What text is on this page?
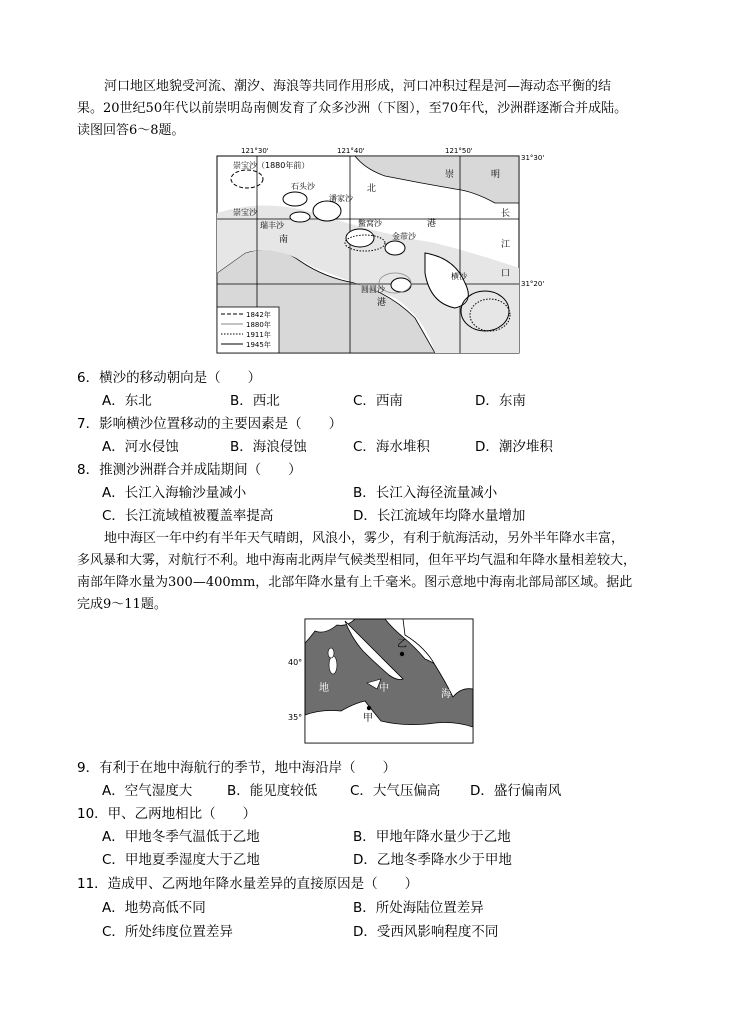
河口地区地貌受河流、潮汐、海浪等共同作用形成，河口冲积过程是河—海动态平衡的结
果。20世纪50年代以前崇明岛南侧发育了众多沙洲（下图），至70年代，沙洲群逐渐合并成陆。
读图回答6～8题。
1842年
1880年
1911年
1945年
121°30'	121°40'	121°50'
31°30'
31°20'
崇宝沙（1880年前）
石头沙
潘家沙
北
崇	明
崇宝沙
瑞丰沙
南
鳖窝沙	港
金带沙
长
江
口
横沙
圆圆沙
港
6．横沙的移动朝向是（　　）
A．东北	B．西北	C．西南	D．东南
7．影响横沙位置移动的主要因素是（　　）
A．河水侵蚀	B．海浪侵蚀	C．海水堆积	D．潮汐堆积
8．推测沙洲群合并成陆期间（　　）
A．长江入海输沙量减小	B．长江入海径流量减小
C．长江流域植被覆盖率提高	D．长江流域年均降水量增加
地中海区一年中约有半年天气晴朗，风浪小，雾少，有利于航海活动，另外半年降水丰富，
多风暴和大雾，对航行不利。地中海南北两岸气候类型相同，但年平均气温和年降水量相差较大，
南部年降水量为300—400mm，北部年降水量有上千毫米。图示意地中海南北部局部区域。据此
完成9～11题。
40°
35°
乙
甲
地	中
海
9．有利于在地中海航行的季节，地中海沿岸（　　）
A．空气湿度大	B．能见度较低 C．大气压偏高 D．盛行偏南风
10．甲、乙两地相比（　　）
A．甲地冬季气温低于乙地	B．甲地年降水量少于乙地
C．甲地夏季湿度大于乙地	D．乙地冬季降水少于甲地
11．造成甲、乙两地年降水量差异的直接原因是（　　）
A．地势高低不同	B．所处海陆位置差异
C．所处纬度位置差异	D．受西风影响程度不同
